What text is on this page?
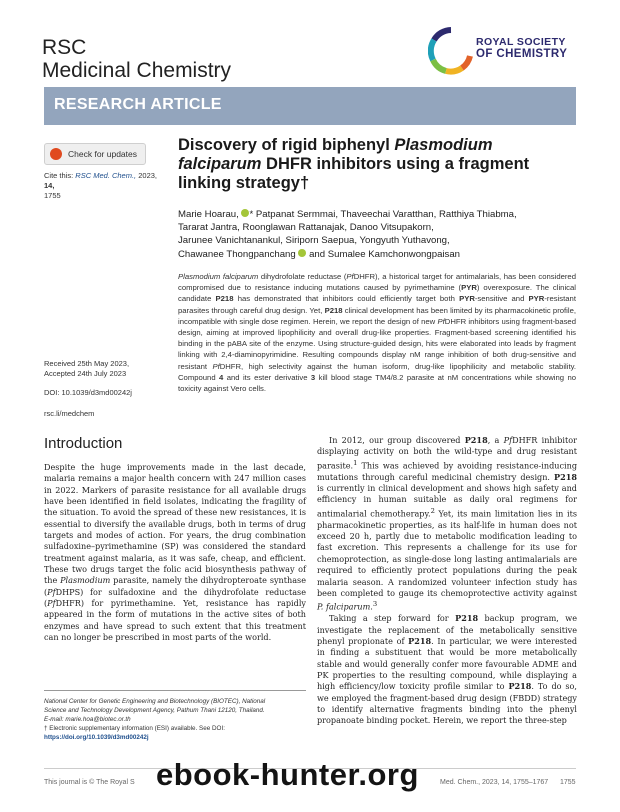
RSC
Medicinal Chemistry
ROYAL SOCIETY
OF CHEMISTRY
RESEARCH ARTICLE
Check for updates
Cite this: RSC Med. Chem., 2023, 14,
1755
Received 25th May 2023,
Accepted 24th July 2023
DOI: 10.1039/d3md00242j
rsc.li/medchem
Discovery of rigid biphenyl Plasmodium falciparum DHFR inhibitors using a fragment linking strategy†
Marie Hoarau, * Patpanat Sermmai, Thaveechai Varatthan, Ratthiya Thiabma,
Tararat Jantra, Roonglawan Rattanajak, Danoo Vitsupakorn,
Jarunee Vanichtanankul, Siriporn Saepua, Yongyuth Yuthavong,
Chawanee Thongpanchang and Sumalee Kamchonwongpaisan

Plasmodium falciparum dihydrofolate reductase (PfDHFR), a historical target for antimalarials, has been considered compromised due to resistance inducing mutations caused by pyrimethamine (PYR) overexposure. The clinical candidate P218 has demonstrated that inhibitors could efficiently target both PYR-sensitive and PYR-resistant parasites through careful drug design. Yet, P218 clinical development has been limited by its pharmacokinetic profile, incompatible with single dose regimen. Herein, we report the design of new PfDHFR inhibitors using fragment-based design, aiming at improved lipophilicity and overall drug-like properties. Fragment-based screening identified his binding in the pABA site of the enzyme. Using structure-guided design, hits were elaborated into leads by fragment linking with 2,4-diaminopyrimidine. Resulting compounds display nM range inhibition of both drug-sensitive and resistant PfDHFR, high selectivity against the human isoform, drug-like lipophilicity and metabolic stability. Compound 4 and its ester derivative 3 kill blood stage TM4/8.2 parasite at nM concentrations while showing no toxicity against Vero cells.

Introduction

Despite the huge improvements made in the last decade, malaria remains a major health concern with 247 million cases in 2022. Markers of parasite resistance for all available drugs have been identified in field isolates, indicating the fragility of the situation. To avoid the spread of these new resistances, it is essential to diversify the available drugs, both in terms of drug targets and modes of action. For years, the drug combination sulfadoxine–pyrimethamine (SP) was considered the standard treatment against malaria, as it was safe, cheap, and efficient. These two drugs target the folic acid biosynthesis pathway of the Plasmodium parasite, namely the dihydropteroate synthase (PfDHPS) for sulfadoxine and the dihydrofolate reductase (PfDHFR) for pyrimethamine. Yet, resistance has rapidly appeared in the form of mutations in the active sites of both enzymes and have spread to such extent that this treatment can no longer be prescribed in most parts of the world.

In 2012, our group discovered P218, a PfDHFR inhibitor displaying activity on both the wild-type and drug resistant parasite.$^1$ This was achieved by avoiding resistance-inducing mutations through careful medicinal chemistry design. P218 is currently in clinical development and shows high safety and efficiency in human suitable as daily oral regimens for antimalarial chemotherapy.$^2$ Yet, its main limitation lies in its pharmacokinetic properties, as its half-life in human does not exceed 20 h, partly due to metabolic modification leading to fast excretion. This represents a challenge for its use for chemoprotection, as single-dose long lasting antimalarials are required to efficiently protect populations during the peak malaria season. A randomized volunteer infection study has been completed to gauge its chemoprotective activity against P. falciparum.$^3$

Taking a step forward for P218 backup program, we investigate the replacement of the metabolically sensitive phenyl propionate of P218. In particular, we were interested in finding a substituent that would be more metabolically stable and would generally confer more favourable ADME and PK properties to the resulting compound, while displaying a high efficiency/low toxicity profile similar to P218. To do so, we employed the fragment-based drug design (FBDD) strategy to identify alternative fragments binding into the phenyl propanoate binding pocket. Herein, we report the three-step

National Center for Genetic Engineering and Biotechnology (BIOTEC), National
Science and Technology Development Agency, Pathum Thani 12120, Thailand.
E-mail: marie.hoa@biotec.or.th
† Electronic supplementary information (ESI) available. See DOI: https://doi.org/10.1039/d3md00242j
This journal is © The Royal S	Med. Chem., 2023, 14, 1755–1767 1755
ebook-hunter.org
